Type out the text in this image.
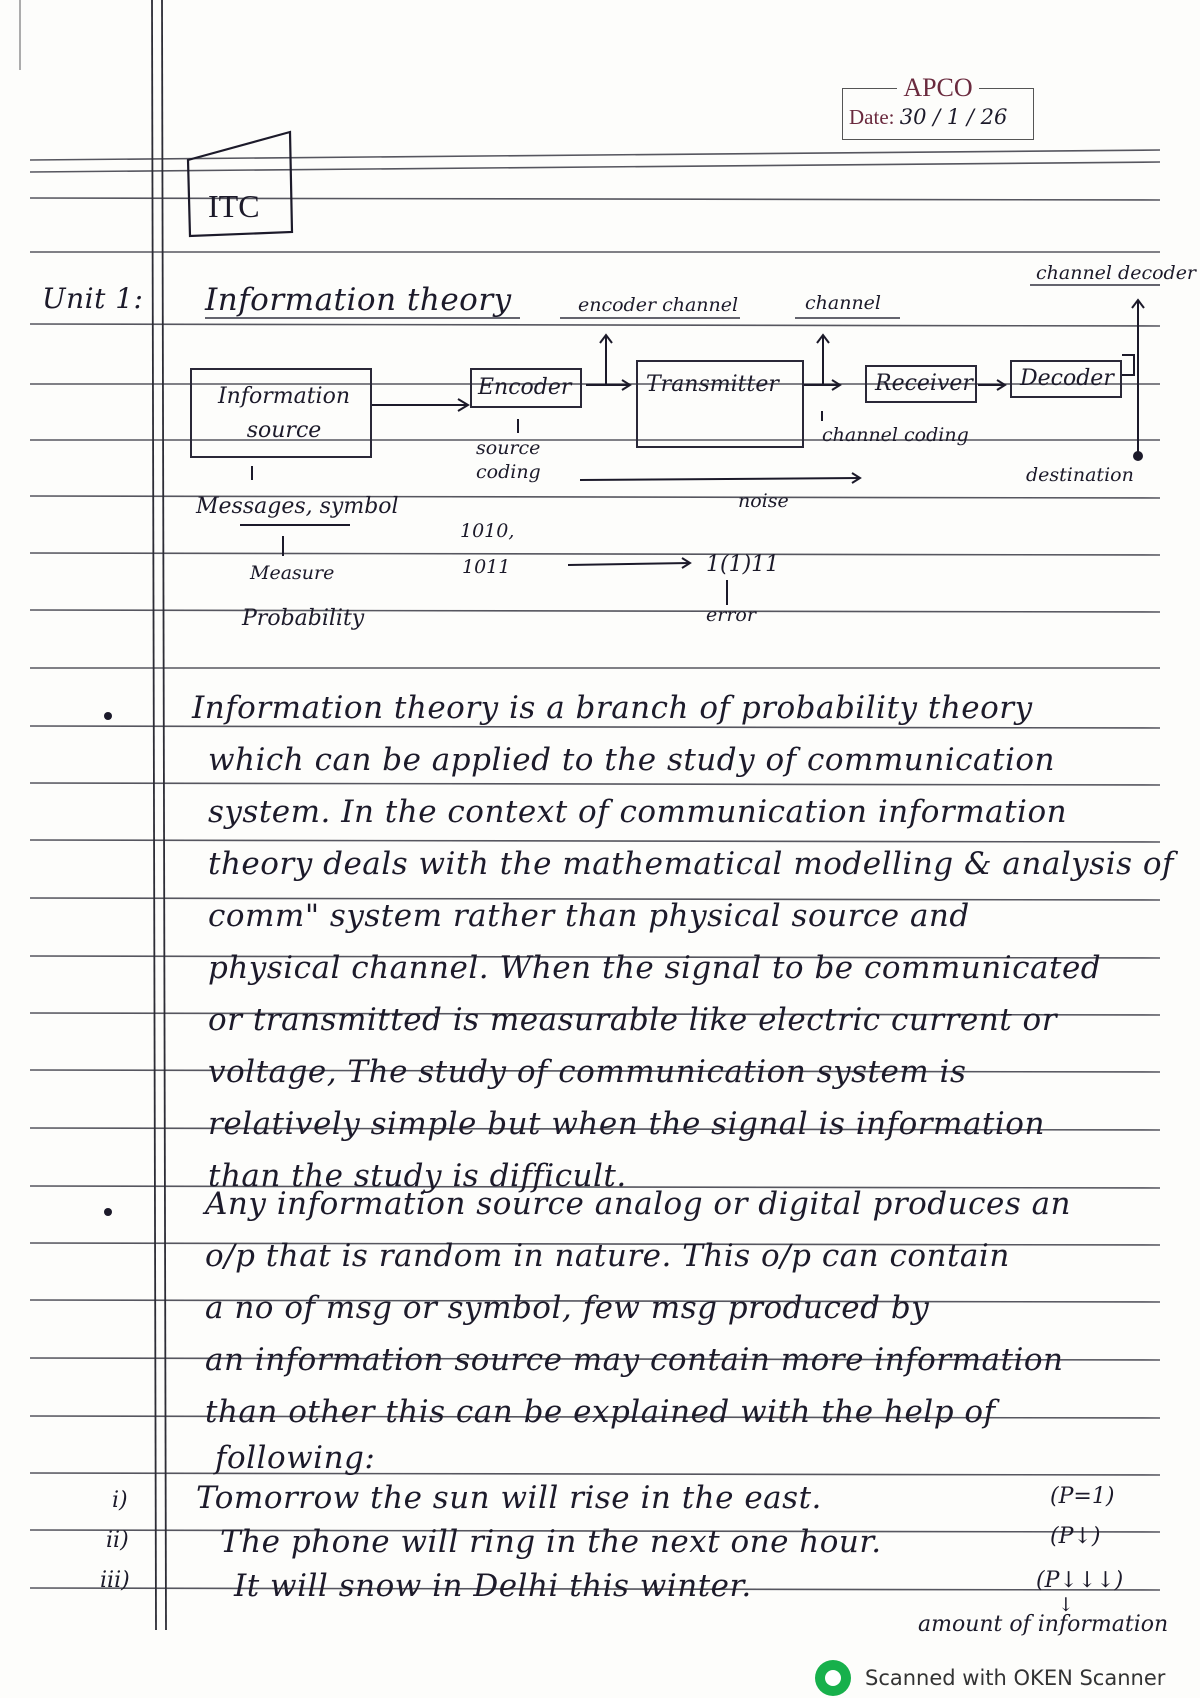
APCO
Date: 30 / 1 / 26
ITC
Unit 1: Information theory
Information source
Encoder	Transmitter	Receiver Decoder
encoder channel	channel
channel decoder
source coding
channel coding
noise
destination
Messages, symbol
Measure
Probability
1010,
1011	1(1)11
error
Information theory is a branch of probability theory
which can be applied to the study of communication
system. In the context of communication information
theory deals with the mathematical modelling & analysis of
comm" system rather than physical source and
physical channel. When the signal to be communicated
or transmitted is measurable like electric current or
voltage, The study of communication system is
relatively simple but when the signal is information
than the study is difficult.
Any information source analog or digital produces an
o/p that is random in nature. This o/p can contain
a no of msg or symbol, few msg produced by
an information source may contain more information
than other this can be explained with the help of
following:
i) Tomorrow the sun will rise in the east.	(P=1)
ii)	The phone will ring in the next one hour.	(P↓)
iii)	It will snow in Delhi this winter.	(P↓↓↓)
↓
amount of information
Scanned with OKEN Scanner
